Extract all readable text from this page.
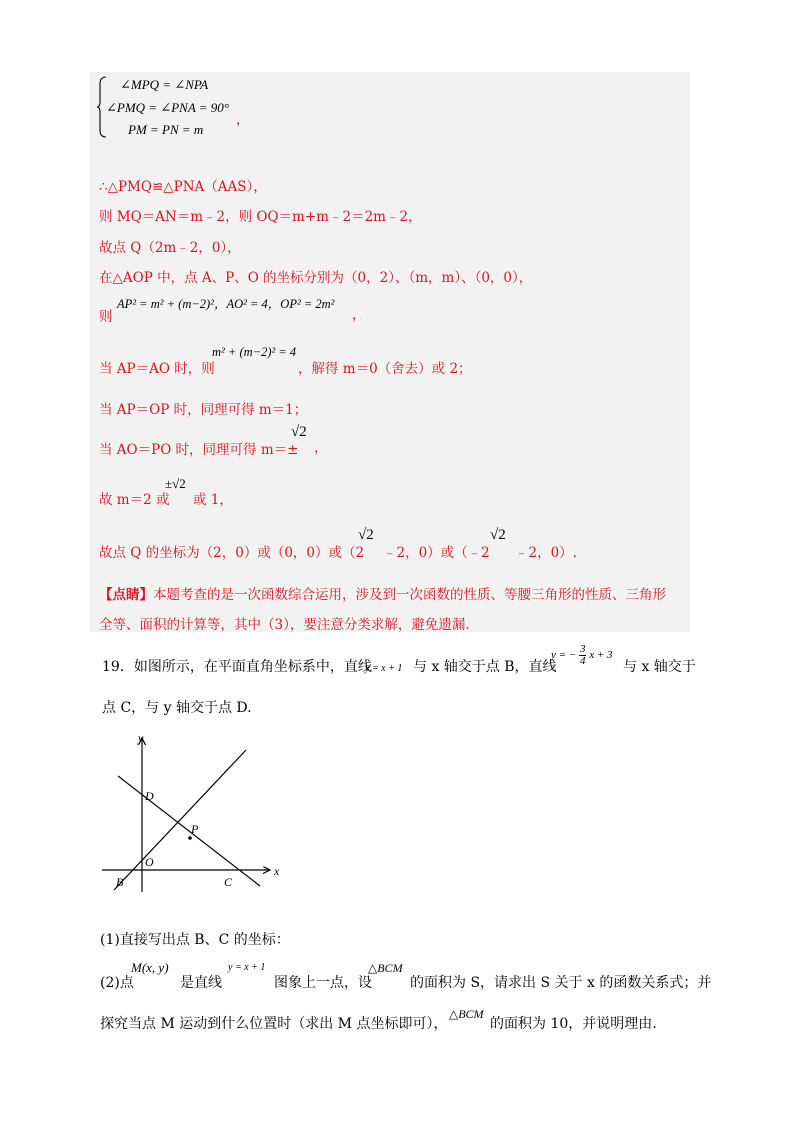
∠MPQ = ∠NPA
∠PMQ = ∠PNA = 90°
PM = PN = m
，
∴△PMQ≌△PNA（AAS），
则 MQ＝AN＝m﹣2，则 OQ＝m+m﹣2＝2m﹣2，
故点 Q（2m﹣2，0），
在△AOP 中，点 A、P、O 的坐标分别为（0，2）、（m，m）、（0，0），
则
AP² = m² + (m−2)²，AO² = 4，OP² = 2m²
，
当 AP＝AO 时，则
m² + (m−2)² = 4
，解得 m＝0（舍去）或 2；
当 AP＝OP 时，同理可得 m＝1；
当 AO＝PO 时，同理可得 m＝±
√2
，
故 m＝2 或
±√2
或 1，
故点 Q 的坐标为（2，0）或（0，0）或（2
√2
﹣2，0）或（﹣2
√2
﹣2，0）.
【点睛】本题考查的是一次函数综合运用，涉及到一次函数的性质、等腰三角形的性质、三角形
全等、面积的计算等，其中（3），要注意分类求解，避免遗漏.
19．如图所示，在平面直角坐标系中，直线
y = x + 1 与 x 轴交于点 B，直线
y = − $\frac{3}{4}$ x + 3
与 x 轴交于
点 C，与 y 轴交于点 D.
y
x
D
P
O
B	C
(1)直接写出点 B、C 的坐标：
(2)点
M(x, y)
是直线
y = x + 1
图象上一点，设
△BCM
的面积为 S，请求出 S 关于 x 的函数关系式；并
探究当点 M 运动到什么位置时（求出 M 点坐标即可），
△BCM
的面积为 10，并说明理由.
